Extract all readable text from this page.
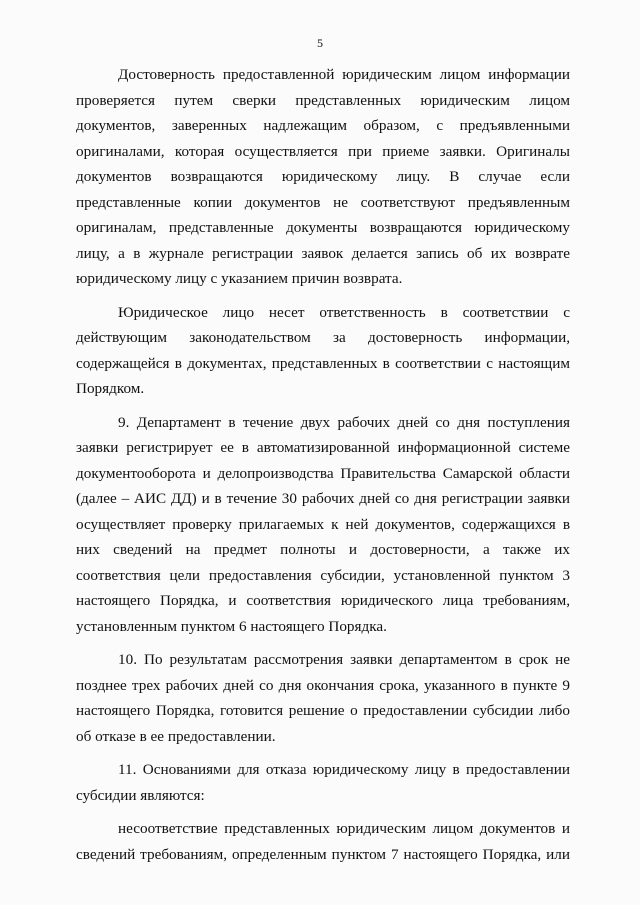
5
Достоверность предоставленной юридическим лицом информации
проверяется путем сверки представленных юридическим лицом
документов, заверенных надлежащим образом, с предъявленными
оригиналами, которая осуществляется при приеме заявки. Оригиналы
документов возвращаются юридическому лицу. В случае если
представленные копии документов не соответствуют предъявленным
оригиналам, представленные документы возвращаются юридическому
лицу, а в журнале регистрации заявок делается запись об их возврате
юридическому лицу с указанием причин возврата.
Юридическое лицо несет ответственность в соответствии с
действующим законодательством за достоверность информации,
содержащейся в документах, представленных в соответствии с настоящим
Порядком.
9. Департамент в течение двух рабочих дней со дня поступления
заявки регистрирует ее в автоматизированной информационной системе
документооборота и делопроизводства Правительства Самарской области
(далее – АИС ДД) и в течение 30 рабочих дней со дня регистрации заявки
осуществляет проверку прилагаемых к ней документов, содержащихся в
них сведений на предмет полноты и достоверности, а также их
соответствия цели предоставления субсидии, установленной пунктом 3
настоящего Порядка, и соответствия юридического лица требованиям,
установленным пунктом 6 настоящего Порядка.
10. По результатам рассмотрения заявки департаментом в срок не
позднее трех рабочих дней со дня окончания срока, указанного в пункте 9
настоящего Порядка, готовится решение о предоставлении субсидии либо
об отказе в ее предоставлении.
11. Основаниями для отказа юридическому лицу в предоставлении
субсидии являются:
несоответствие представленных юридическим лицом документов и
сведений требованиям, определенным пунктом 7 настоящего Порядка, или
